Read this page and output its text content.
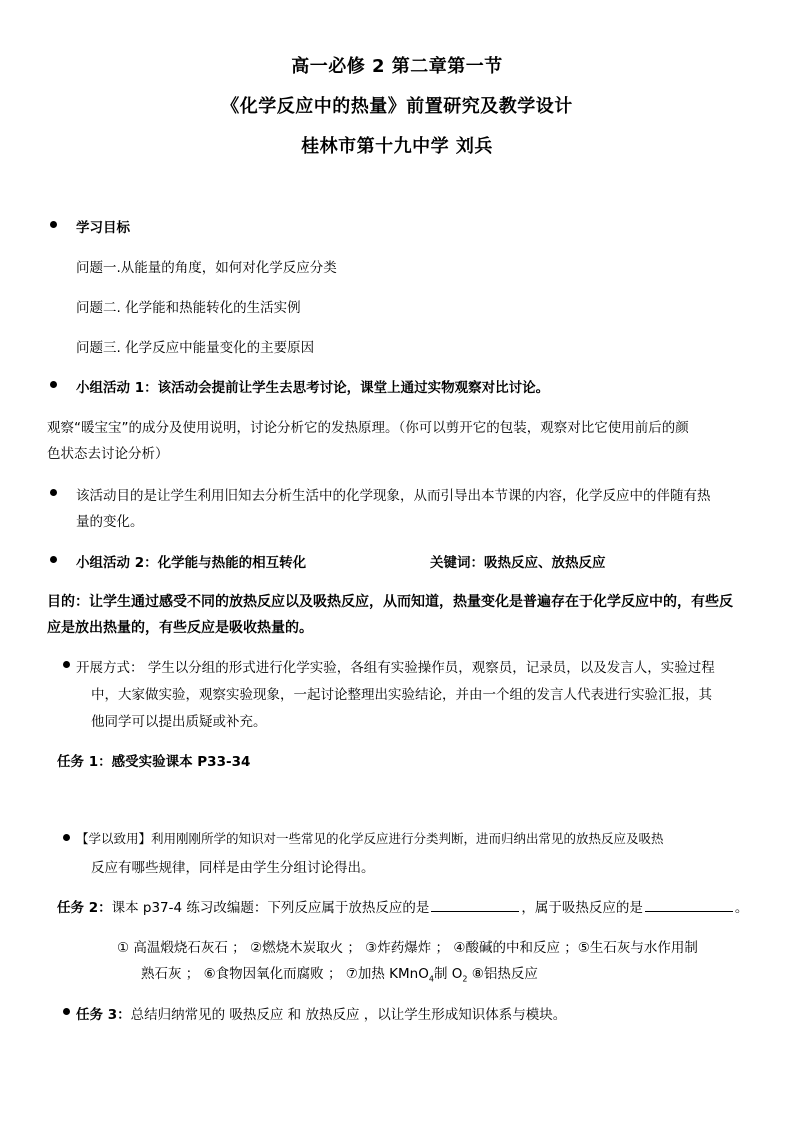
高一必修 2 第二章第一节
《化学反应中的热量》前置研究及教学设计
桂林市第十九中学 刘兵
学习目标
问题一.从能量的角度，如何对化学反应分类
问题二. 化学能和热能转化的生活实例
问题三. 化学反应中能量变化的主要原因
小组活动 1：该活动会提前让学生去思考讨论，课堂上通过实物观察对比讨论。
观察“暖宝宝”的成分及使用说明，讨论分析它的发热原理。（你可以剪开它的包装，观察对比它使用前后的颜
色状态去讨论分析）
该活动目的是让学生利用旧知去分析生活中的化学现象，从而引导出本节课的内容，化学反应中的伴随有热
量的变化。
小组活动 2：化学能与热能的相互转化	关键词：吸热反应、放热反应
目的：让学生通过感受不同的放热反应以及吸热反应，从而知道，热量变化是普遍存在于化学反应中的，有些反
应是放出热量的，有些反应是吸收热量的。
开展方式： 学生以分组的形式进行化学实验，各组有实验操作员，观察员，记录员，以及发言人，实验过程
中，大家做实验，观察实验现象，一起讨论整理出实验结论，并由一个组的发言人代表进行实验汇报，其
他同学可以提出质疑或补充。
任务 1：感受实验课本 P33-34
【学以致用】利用刚刚所学的知识对一些常见的化学反应进行分类判断，进而归纳出常见的放热反应及吸热
反应有哪些规律，同样是由学生分组讨论得出。
任务 2：课本 p37-4 练习改编题：下列反应属于放热反应的是	，属于吸热反应的是	。
① 高温煅烧石灰石 ； ②燃烧木炭取火 ； ③炸药爆炸 ； ④酸碱的中和反应 ；⑤生石灰与水作用制
熟石灰 ； ⑥食物因氧化而腐败 ； ⑦加热 KMnO$_4$制 $O_2$ ⑧铝热反应
任务 3：总结归纳常见的 吸热反应 和 放热反应 ，以让学生形成知识体系与模块。
